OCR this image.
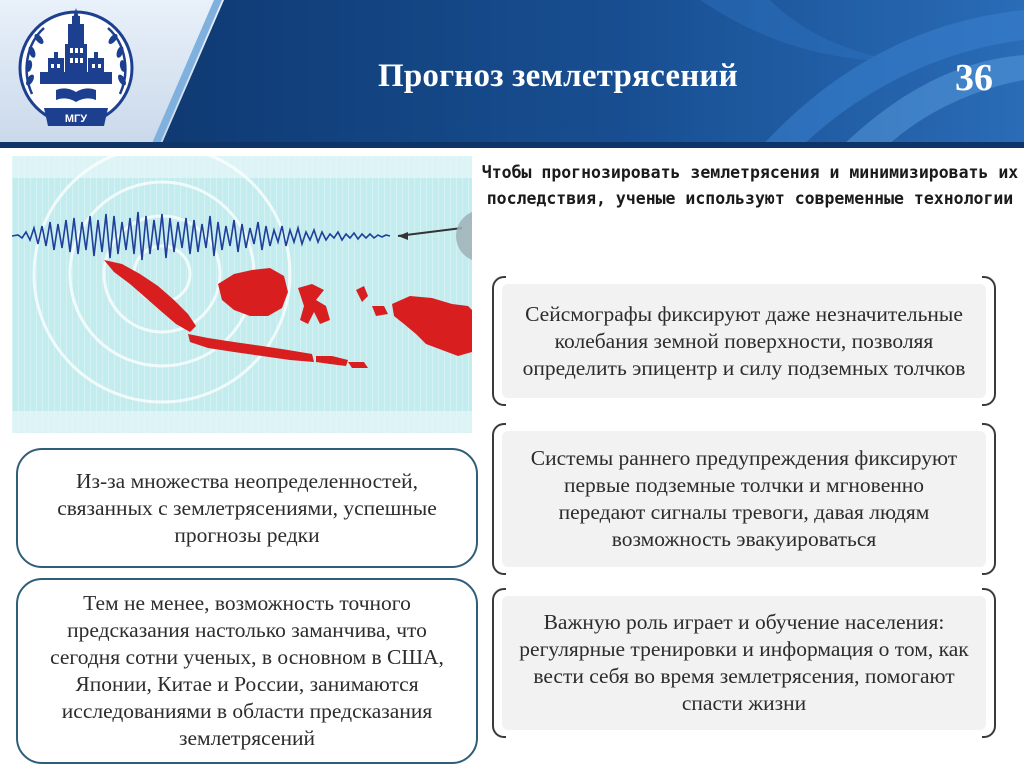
МГУ
Прогноз землетрясений	36
Чтобы прогнозировать землетрясения и минимизировать их последствия, ученые используют современные технологии
Сейсмографы фиксируют даже незначительные колебания земной поверхности, позволяя определить эпицентр и силу подземных толчков
Системы раннего предупреждения фиксируют первые подземные толчки и мгновенно передают сигналы тревоги, давая людям возможность эвакуироваться
Важную роль играет и обучение населения: регулярные тренировки и информация о том, как вести себя во время землетрясения, помогают спасти жизни
Из-за множества неопределенностей, связанных с землетрясениями, успешные прогнозы редки
Тем не менее, возможность точного предсказания настолько заманчива, что сегодня сотни ученых, в основном в США, Японии, Китае и России, занимаются исследованиями в области предсказания землетрясений
